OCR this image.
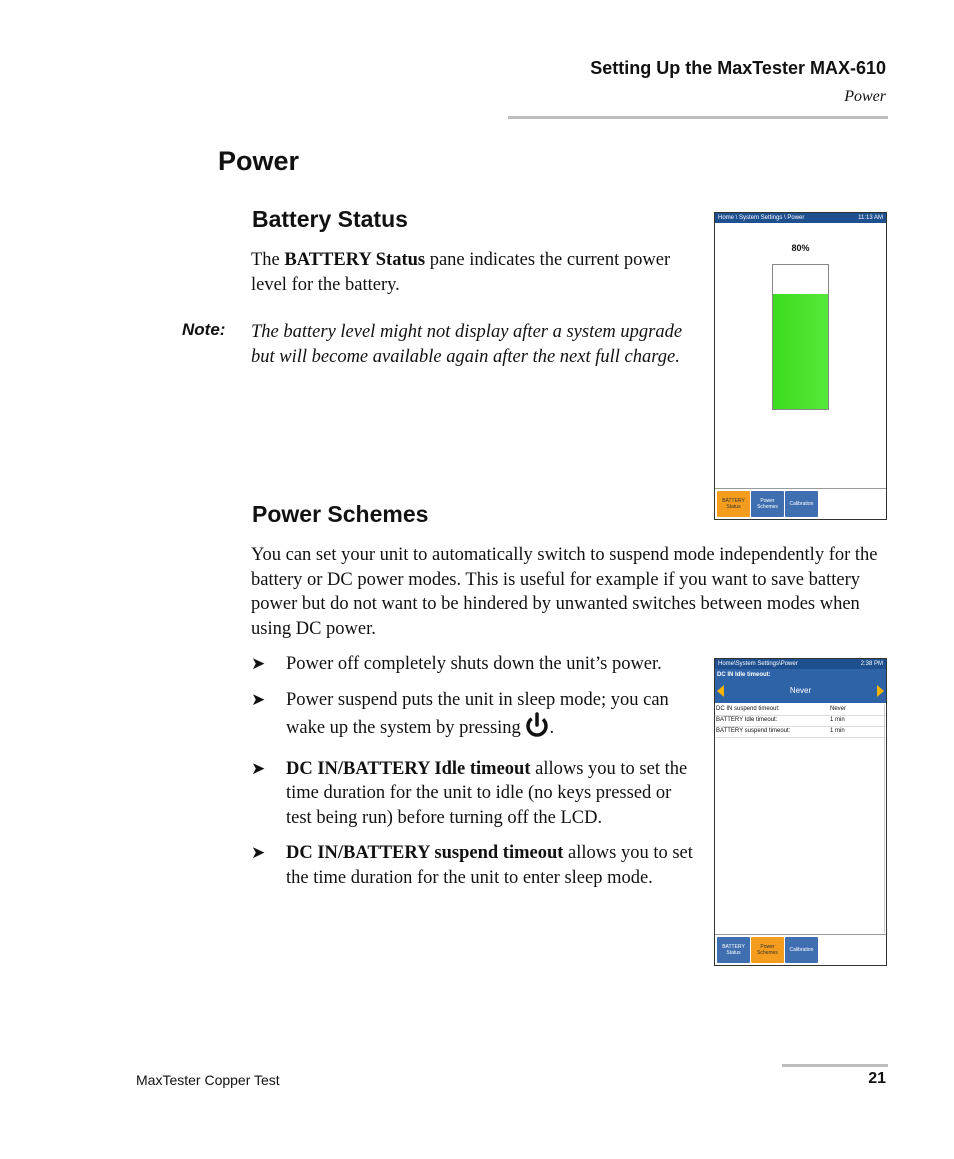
Setting Up the MaxTester MAX-610
Power
Power
Battery Status

The BATTERY Status pane indicates the current power level for the battery.

Note: The battery level might not display after a system upgrade but will become available again after the next full charge.

Home \ System Settings \ Power	11:13 AM
80%
BATTERY Status
Power Schemes	Calibration
Power Schemes

You can set your unit to automatically switch to suspend mode independently for the battery or DC power modes. This is useful for example if you want to save battery power but do not want to be hindered by unwanted switches between modes when using DC power.

➤ Power off completely shuts down the unit’s power.
➤ Power suspend puts the unit in sleep mode; you can wake up the system by pressing .
➤ DC IN/BATTERY Idle timeout allows you to set the time duration for the unit to idle (no keys pressed or test being run) before turning off the LCD.
➤ DC IN/BATTERY suspend timeout allows you to set the time duration for the unit to enter sleep mode.
Home\System Settings\Power	2:38 PM
DC IN Idle timeout:
Never
DC IN suspend timeout:	Never
BATTERY Idle timeout:	1 min
BATTERY suspend timeout:	1 min
BATTERY Status
Power Schemes	Calibration
MaxTester Copper Test	21
